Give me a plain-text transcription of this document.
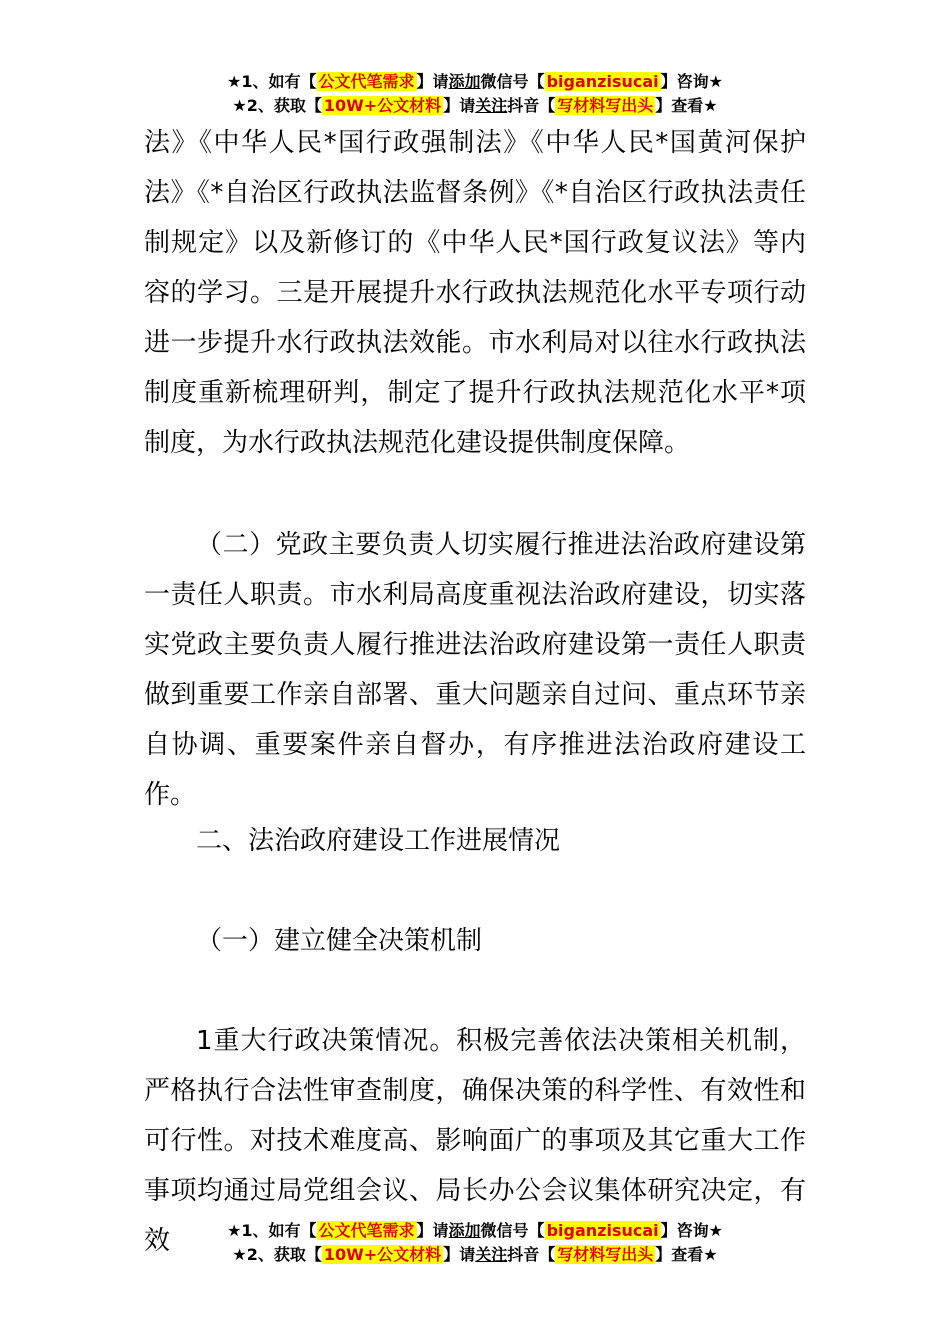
★1、如有【 公文代笔需求 】请添加微信号【 biganzisucai 】咨询★
★2、获取【 10W+公文材料 】请关注抖音【 写材料写出头 】查看★

法》《中华人民*国行政强制法》《中华人民*国黄河保护法》《*自治区行政执法监督条例》《*自治区行政执法责任制规定》以及新修订的《中华人民*国行政复议法》等内容的学习。三是开展提升水行政执法规范化水平专项行动进一步提升水行政执法效能。市水利局对以往水行政执法制度重新梳理研判，制定了提升行政执法规范化水平*项制度，为水行政执法规范化建设提供制度保障。

（二）党政主要负责人切实履行推进法治政府建设第一责任人职责。市水利局高度重视法治政府建设，切实落实党政主要负责人履行推进法治政府建设第一责任人职责做到重要工作亲自部署、重大问题亲自过问、重点环节亲自协调、重要案件亲自督办，有序推进法治政府建设工作。

二、法治政府建设工作进展情况

（一）建立健全决策机制

1重大行政决策情况。积极完善依法决策相关机制，严格执行合法性审查制度，确保决策的科学性、有效性和可行性。对技术难度高、影响面广的事项及其它重大工作事项均通过局党组会议、局长办公会议集体研究决定，有效	★1、如有【 公文代笔需求 】请添加微信号【 biganzisucai 】咨询★
★2、获取【 10W+公文材料 】请关注抖音【 写材料写出头 】查看★
